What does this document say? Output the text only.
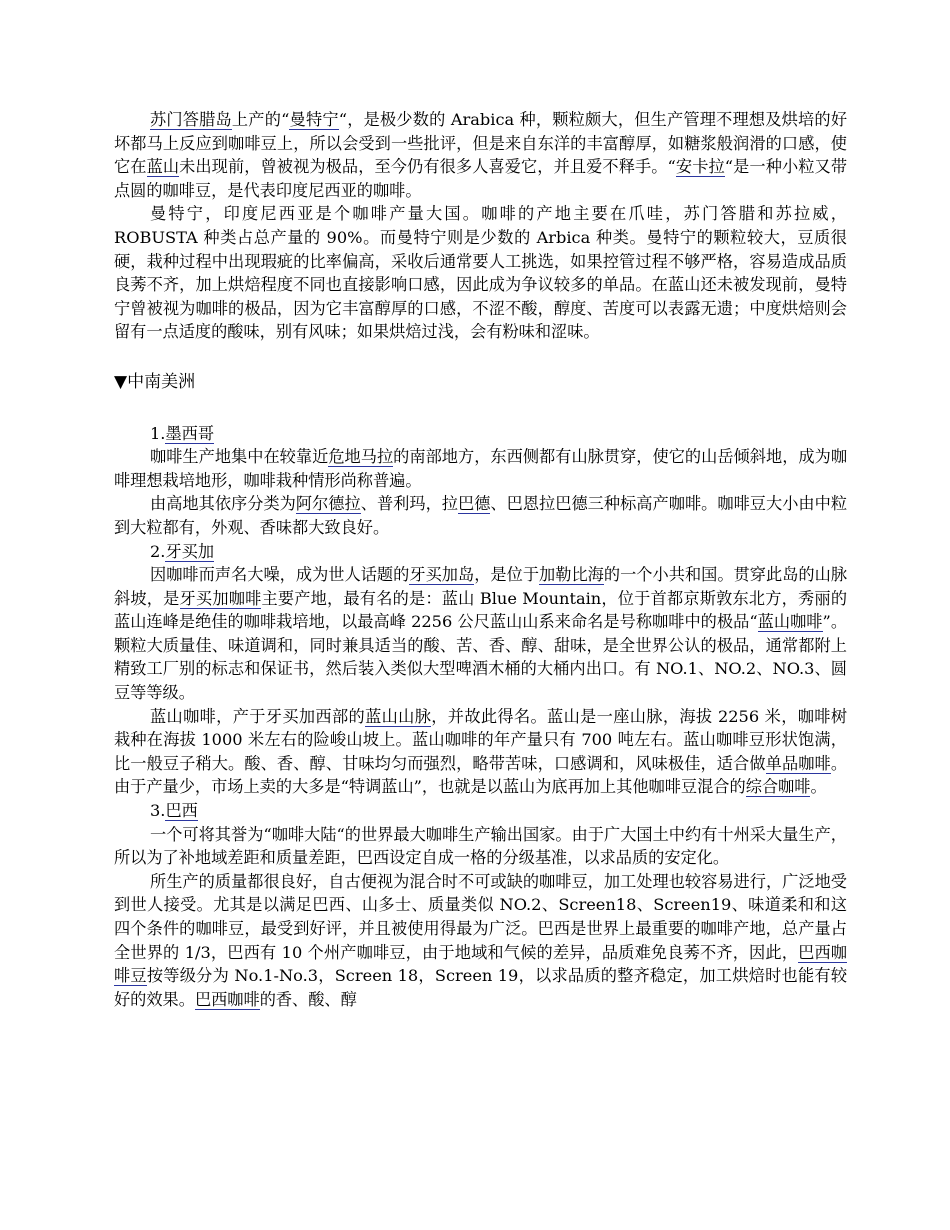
苏门答腊岛上产的“曼特宁“，是极少数的 Arabica 种，颗粒颇大，但生产管理不理想及烘培的好坏都马上反应到咖啡豆上，所以会受到一些批评，但是来自东洋的丰富醇厚，如糖浆般润滑的口感，使它在蓝山未出现前，曾被视为极品，至今仍有很多人喜爱它，并且爱不释手。“安卡拉“是一种小粒又带点圆的咖啡豆，是代表印度尼西亚的咖啡。

曼特宁，印度尼西亚是个咖啡产量大国。咖啡的产地主要在爪哇，苏门答腊和苏拉威，ROBUSTA 种类占总产量的 90%。而曼特宁则是少数的 Arbica 种类。曼特宁的颗粒较大，豆质很硬，栽种过程中出现瑕疵的比率偏高，采收后通常要人工挑选，如果控管过程不够严格，容易造成品质良莠不齐，加上烘焙程度不同也直接影响口感，因此成为争议较多的单品。在蓝山还未被发现前，曼特宁曾被视为咖啡的极品，因为它丰富醇厚的口感，不涩不酸，醇度、苦度可以表露无遗；中度烘焙则会留有一点适度的酸味，别有风味；如果烘焙过浅，会有粉味和涩味。

▼中南美洲

1.墨西哥

咖啡生产地集中在较靠近危地马拉的南部地方，东西侧都有山脉贯穿，使它的山岳倾斜地，成为咖啡理想栽培地形，咖啡栽种情形尚称普遍。

由高地其依序分类为阿尔德拉、普利玛，拉巴德、巴恩拉巴德三种标高产咖啡。咖啡豆大小由中粒到大粒都有，外观、香味都大致良好。

2.牙买加

因咖啡而声名大噪，成为世人话题的牙买加岛，是位于加勒比海的一个小共和国。贯穿此岛的山脉斜坡，是牙买加咖啡主要产地，最有名的是：蓝山 Blue Mountain，位于首都京斯敦东北方，秀丽的蓝山连峰是绝佳的咖啡栽培地，以最高峰 2256 公尺蓝山山系来命名是号称咖啡中的极品“蓝山咖啡”。颗粒大质量佳、味道调和，同时兼具适当的酸、苦、香、醇、甜味，是全世界公认的极品，通常都附上精致工厂别的标志和保证书，然后装入类似大型啤酒木桶的大桶内出口。有 NO.1、NO.2、NO.3、圆豆等等级。

蓝山咖啡，产于牙买加西部的蓝山山脉，并故此得名。蓝山是一座山脉，海拔 2256 米，咖啡树栽种在海拔 1000 米左右的险峻山坡上。蓝山咖啡的年产量只有 700 吨左右。蓝山咖啡豆形状饱满，比一般豆子稍大。酸、香、醇、甘味均匀而强烈，略带苦味，口感调和，风味极佳，适合做单品咖啡。由于产量少，市场上卖的大多是“特调蓝山”，也就是以蓝山为底再加上其他咖啡豆混合的综合咖啡。

3.巴西

一个可将其誉为“咖啡大陆“的世界最大咖啡生产输出国家。由于广大国土中约有十州采大量生产，所以为了补地域差距和质量差距，巴西设定自成一格的分级基准，以求品质的安定化。

所生产的质量都很良好，自古便视为混合时不可或缺的咖啡豆，加工处理也较容易进行，广泛地受到世人接受。尤其是以满足巴西、山多士、质量类似 NO.2、Screen18、Screen19、味道柔和和这四个条件的咖啡豆，最受到好评，并且被使用得最为广泛。巴西是世界上最重要的咖啡产地，总产量占全世界的 1/3，巴西有 10 个州产咖啡豆，由于地域和气候的差异，品质难免良莠不齐，因此，巴西咖啡豆按等级分为 No.1-No.3，Screen 18，Screen 19，以求品质的整齐稳定，加工烘焙时也能有较好的效果。巴西咖啡的香、酸、醇
